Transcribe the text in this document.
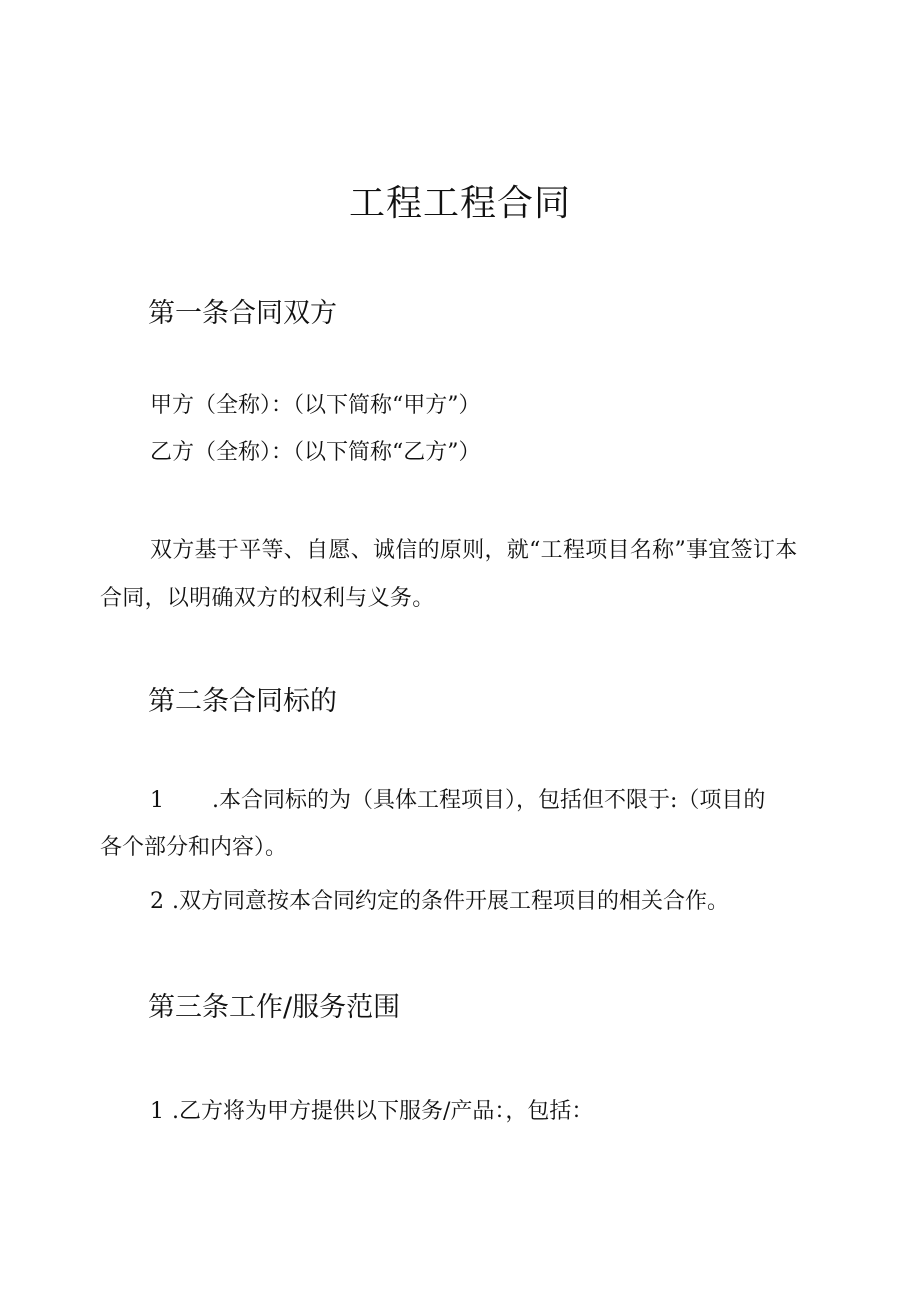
工程工程合同
第一条合同双方

甲方（全称）：（以下简称“甲方”）

乙方（全称）：（以下简称“乙方”）

双方基于平等、自愿、诚信的原则，就“工程项目名称”事宜签订本合同，以明确双方的权利与义务。

第二条合同标的

1 .本合同标的为（具体工程项目），包括但不限于:（项目的

各个部分和内容）。

2 .双方同意按本合同约定的条件开展工程项目的相关合作。

第三条工作/服务范围

1 .乙方将为甲方提供以下服务/产品：，包括：
